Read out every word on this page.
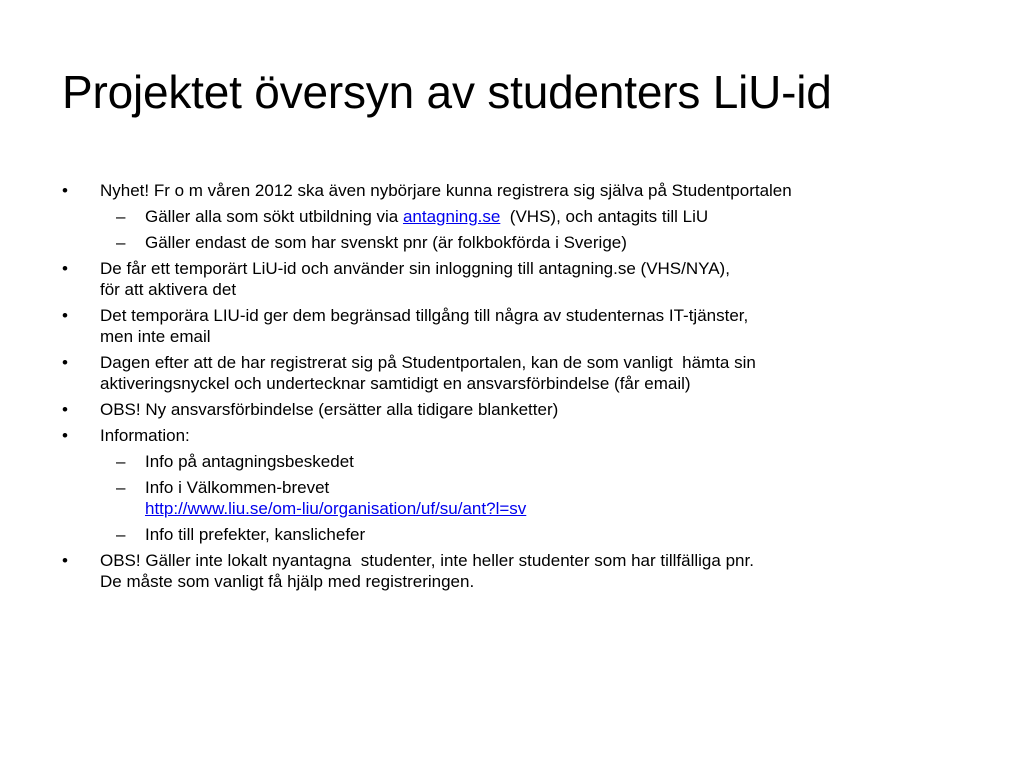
Projektet översyn av studenters LiU-id
• Nyhet! Fr o m våren 2012 ska även nybörjare kunna registrera sig själva på Studentportalen
– Gäller alla som sökt utbildning via antagning.se  (VHS), och antagits till LiU
– Gäller endast de som har svenskt pnr (är folkbokförda i Sverige)
• De får ett temporärt LiU-id och använder sin inloggning till antagning.se (VHS/NYA),
för att aktivera det
• Det temporära LIU-id ger dem begränsad tillgång till några av studenternas IT-tjänster,
men inte email
• Dagen efter att de har registrerat sig på Studentportalen, kan de som vanligt  hämta sin
aktiveringsnyckel och undertecknar samtidigt en ansvarsförbindelse (får email)
• OBS! Ny ansvarsförbindelse (ersätter alla tidigare blanketter)
• Information:
– Info på antagningsbeskedet
– Info i Välkommen-brevet
http://www.liu.se/om-liu/organisation/uf/su/ant?l=sv
– Info till prefekter, kanslichefer
• OBS! Gäller inte lokalt nyantagna  studenter, inte heller studenter som har tillfälliga pnr.
De måste som vanligt få hjälp med registreringen.
